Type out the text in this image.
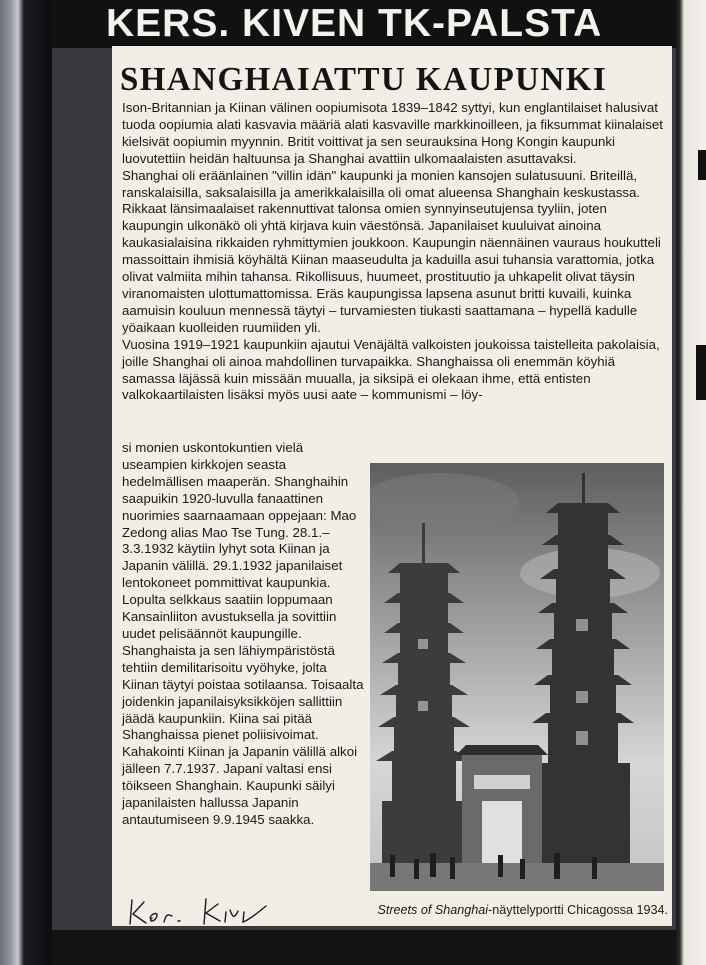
KERS. KIVEN TK-PALSTA
SHANGHAIATTU KAUPUNKI

Ison-Britannian ja Kiinan välinen oopiumisota 1839–1842 syttyi, kun englantilaiset halusivat tuoda oopiumia alati kasvavia määriä alati kasvaville markkinoilleen, ja fiksummat kiinalaiset kielsivät oopiumin myynnin. Britit voittivat ja sen seurauksina Hong Kongin kaupunki luovutettiin heidän haltuunsa ja Shanghai avattiin ulkomaalaisten asuttavaksi.

Shanghai oli eräänlainen "villin idän" kaupunki ja monien kansojen sulatusuuni. Briteillä, ranskalaisilla, saksalaisilla ja amerikkalaisilla oli omat alueensa Shanghain keskustassa. Rikkaat länsimaalaiset rakennuttivat talonsa omien synnyinseutujensa tyyliin, joten kaupungin ulkonäkö oli yhtä kirjava kuin väestönsä. Japanilaiset kuuluivat ainoina kaukasialaisina rikkaiden ryhmittymien joukkoon. Kaupungin näennäinen vauraus houkutteli massoittain ihmisiä köyhältä Kiinan maaseudulta ja kaduilla asui tuhansia varattomia, jotka olivat valmiita mihin tahansa. Rikollisuus, huumeet, prostituutio ja uhkapelit olivat täysin viranomaisten ulottumattomissa. Eräs kaupungissa lapsena asunut britti kuvaili, kuinka aamuisin kouluun mennessä täytyi – turvamiesten tiukasti saattamana – hypellä kadulle yöaikaan kuolleiden ruumiiden yli.

Vuosina 1919–1921 kaupunkiin ajautui Venäjältä valkoisten joukoissa taistelleita pakolaisia, joille Shanghai oli ainoa mahdollinen turvapaikka. Shanghaissa oli enemmän köyhiä samassa läjässä kuin missään muualla, ja siksipä ei olekaan ihme, että entisten valkokaartilaisten lisäksi myös uusi aate – kommunismi – löy-

si monien uskontokuntien vielä useampien kirkkojen seasta hedelmällisen maaperän. Shanghaihin saapuikin 1920-luvulla fanaattinen nuorimies saarnaamaan oppejaan: Mao Zedong alias Mao Tse Tung. 28.1.–3.3.1932 käytiin lyhyt sota Kiinan ja Japanin välillä. 29.1.1932 japanilaiset lentokoneet pommittivat kaupunkia. Lopulta selkkaus saatiin loppumaan Kansainliiton avustuksella ja sovittiin uudet pelisäännöt kaupungille. Shanghaista ja sen lähiympäristöstä tehtiin demilitarisoitu vyöhyke, jolta Kiinan täytyi poistaa sotilaansa. Toisaalta joidenkin japanilaisyksikköjen sallittiin jäädä kaupunkiin. Kiina sai pitää Shanghaissa pienet poliisivoimat. Kahakointi Kiinan ja Japanin välillä alkoi jälleen 7.7.1937. Japani valtasi ensi töikseen Shanghain. Kaupunki säilyi japanilaisten hallussa Japanin antautumiseen 9.9.1945 saakka.

Streets of Shanghai-näyttelyportti Chicagossa 1934.
